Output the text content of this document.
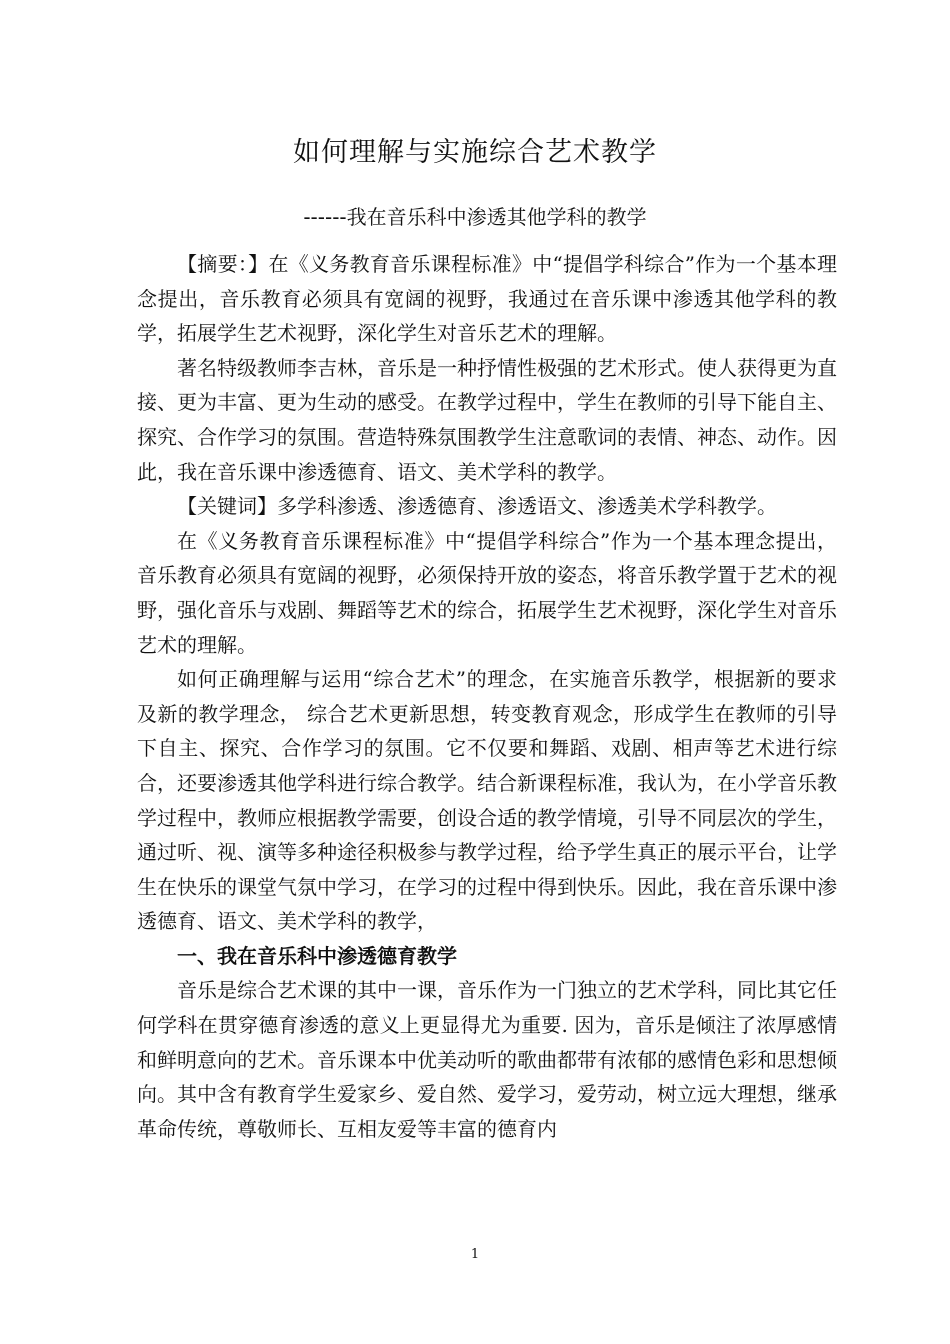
如何理解与实施综合艺术教学
------我在音乐科中渗透其他学科的教学

【摘要：】在《义务教育音乐课程标准》中“提倡学科综合”作为一个基本理念提出，音乐教育必须具有宽阔的视野，我通过在音乐课中渗透其他学科的教学，拓展学生艺术视野，深化学生对音乐艺术的理解。

著名特级教师李吉林，音乐是一种抒情性极强的艺术形式。使人获得更为直接、更为丰富、更为生动的感受。在教学过程中，学生在教师的引导下能自主、探究、合作学习的氛围。营造特殊氛围教学生注意歌词的表情、神态、动作。因此，我在音乐课中渗透德育、语文、美术学科的教学。

【关键词】多学科渗透、渗透德育、渗透语文、渗透美术学科教学。

在《义务教育音乐课程标准》中“提倡学科综合”作为一个基本理念提出，音乐教育必须具有宽阔的视野，必须保持开放的姿态，将音乐教学置于艺术的视野，强化音乐与戏剧、舞蹈等艺术的综合，拓展学生艺术视野，深化学生对音乐艺术的理解。

如何正确理解与运用“综合艺术”的理念，在实施音乐教学，根据新的要求及新的教学理念， 综合艺术更新思想，转变教育观念，形成学生在教师的引导下自主、探究、合作学习的氛围。它不仅要和舞蹈、戏剧、相声等艺术进行综合，还要渗透其他学科进行综合教学。结合新课程标准，我认为，在小学音乐教学过程中，教师应根据教学需要，创设合适的教学情境，引导不同层次的学生，通过听、视、演等多种途径积极参与教学过程，给予学生真正的展示平台，让学生在快乐的课堂气氛中学习，在学习的过程中得到快乐。因此，我在音乐课中渗透德育、语文、美术学科的教学，

一、我在音乐科中渗透德育教学

音乐是综合艺术课的其中一课，音乐作为一门独立的艺术学科，同比其它任何学科在贯穿德育渗透的意义上更显得尤为重要. 因为，音乐是倾注了浓厚感情和鲜明意向的艺术。音乐课本中优美动听的歌曲都带有浓郁的感情色彩和思想倾向。其中含有教育学生爱家乡、爱自然、爱学习，爱劳动，树立远大理想，继承革命传统，尊敬师长、互相友爱等丰富的德育内

1
